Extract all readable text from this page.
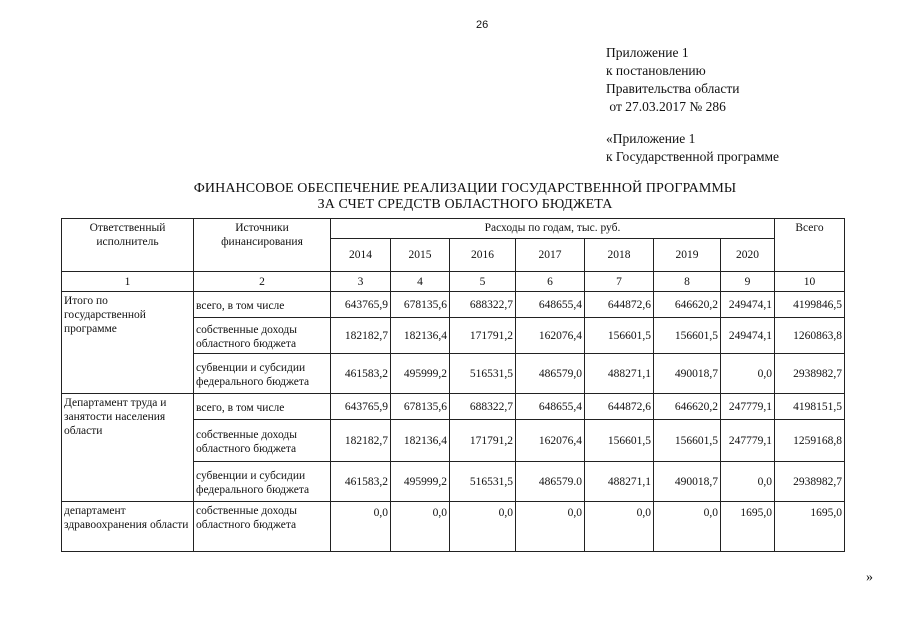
26
Приложение 1
к постановлению
Правительства области
от 27.03.2017 № 286
«Приложение 1
к Государственной программе
ФИНАНСОВОЕ ОБЕСПЕЧЕНИЕ РЕАЛИЗАЦИИ ГОСУДАРСТВЕННОЙ ПРОГРАММЫ
ЗА СЧЕТ СРЕДСТВ ОБЛАСТНОГО БЮДЖЕТА
Ответственный исполнитель	Источники финансирования	Расходы по годам, тыс. руб.							Всего
		2014	2015	2016	2017	2018	2019	2020	
1	2	3	4	5	6	7	8	9	10
Итого по государственной программе	всего, в том числе	643765,9	678135,6	688322,7	648655,4	644872,6	646620,2	249474,1	4199846,5
	собственные доходы областного бюджета	182182,7	182136,4	171791,2	162076,4	156601,5	156601,5	249474,1	1260863,8
	субвенции и субсидии федерального бюджета	461583,2	495999,2	516531,5	486579,0	488271,1	490018,7	0,0	2938982,7
Департамент труда и занятости населения области	всего, в том числе	643765,9	678135,6	688322,7	648655,4	644872,6	646620,2	247779,1	4198151,5
	собственные доходы областного бюджета	182182,7	182136,4	171791,2	162076,4	156601,5	156601,5	247779,1	1259168,8
	субвенции и субсидии федерального бюджета	461583,2	495999,2	516531,5	486579.0	488271,1	490018,7	0,0	2938982,7
департамент здравоохранения области	собственные доходы областного бюджета	0,0	0,0	0,0	0,0	0,0	0,0	1695,0	1695,0
»
